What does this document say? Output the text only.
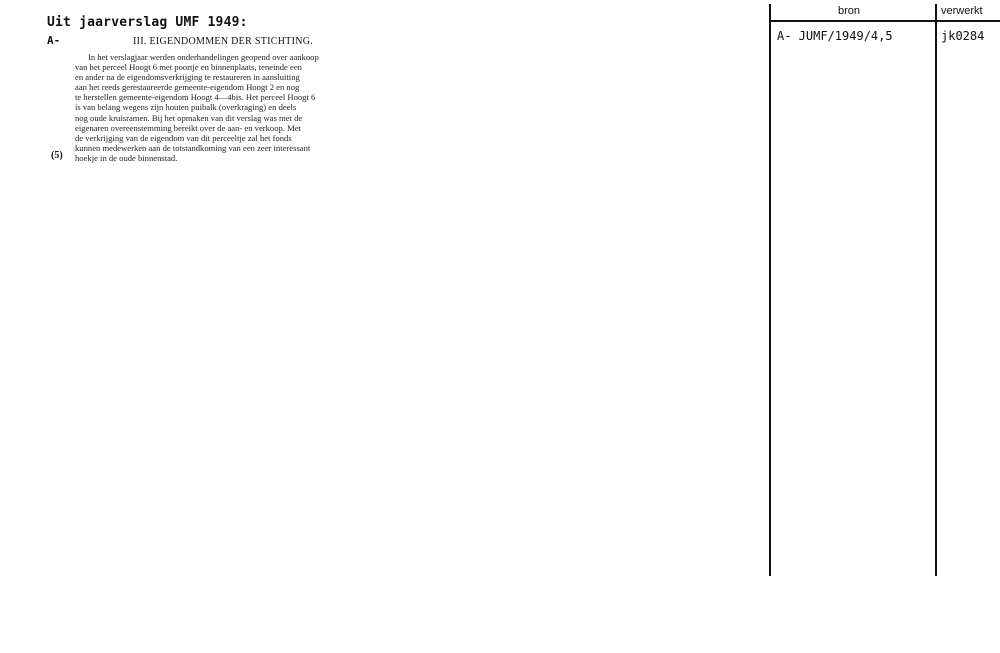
Uit jaarverslag UMF 1949:
A-	III. EIGENDOMMEN DER STICHTING.
In het verslagjaar werden onderhandelingen geopend over aankoop
van het perceel Hoogt 6 met poortje en binnenplaats, teneinde een
en ander na de eigendomsverkrijging te restaureren in aansluiting
aan het reeds gerestaureerde gemeente-eigendom Hoogt 2 en nog
te herstellen gemeente-eigendom Hoogt 4—4bis. Het perceel Hoogt 6
is van belang wegens zijn houten puibalk (overkraging) en deels
nog oude kruisramen. Bij het opmaken van dit verslag was met de
eigenaren overeenstemming bereikt over de aan- en verkoop. Met
de verkrijging van de eigendom van dit perceeltje zal het fonds
kunnen medewerken aan de totstandkoming van een zeer interessant
hoekje in de oude binnenstad.
(5)
bron	verwerkt
A- JUMF/1949/4,5	jk0284
